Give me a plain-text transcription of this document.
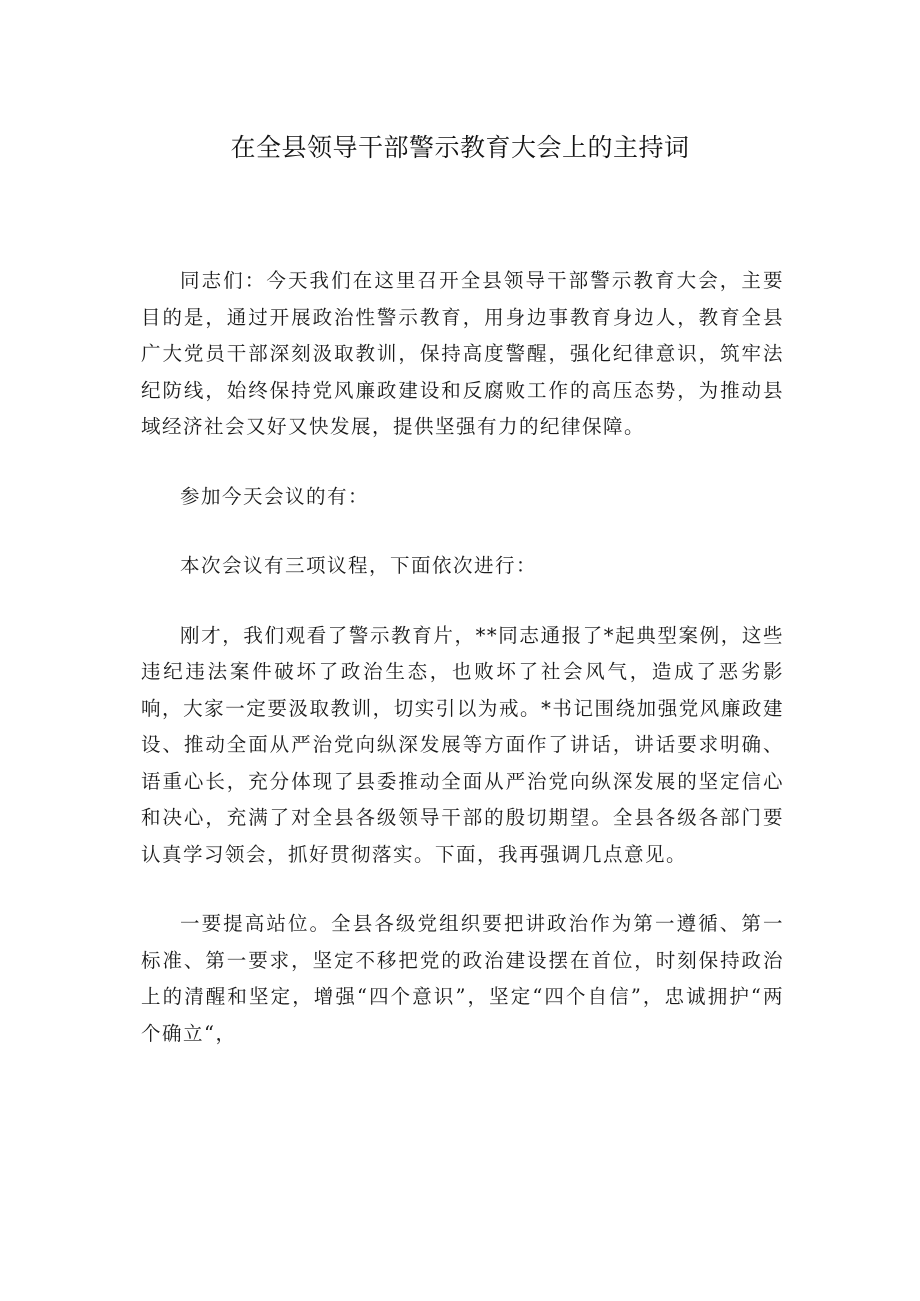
在全县领导干部警示教育大会上的主持词

同志们：今天我们在这里召开全县领导干部警示教育大会，主要目的是，通过开展政治性警示教育，用身边事教育身边人，教育全县广大党员干部深刻汲取教训，保持高度警醒，强化纪律意识，筑牢法纪防线，始终保持党风廉政建设和反腐败工作的高压态势，为推动县域经济社会又好又快发展，提供坚强有力的纪律保障。

参加今天会议的有：

本次会议有三项议程，下面依次进行：

刚才，我们观看了警示教育片，**同志通报了*起典型案例，这些违纪违法案件破坏了政治生态，也败坏了社会风气，造成了恶劣影响，大家一定要汲取教训，切实引以为戒。*书记围绕加强党风廉政建设、推动全面从严治党向纵深发展等方面作了讲话，讲话要求明确、语重心长，充分体现了县委推动全面从严治党向纵深发展的坚定信心和决心，充满了对全县各级领导干部的殷切期望。全县各级各部门要认真学习领会，抓好贯彻落实。下面，我再强调几点意见。

一要提高站位。全县各级党组织要把讲政治作为第一遵循、第一标准、第一要求，坚定不移把党的政治建设摆在首位，时刻保持政治上的清醒和坚定，增强“四个意识”，坚定“四个自信”，忠诚拥护“两个确立“，
